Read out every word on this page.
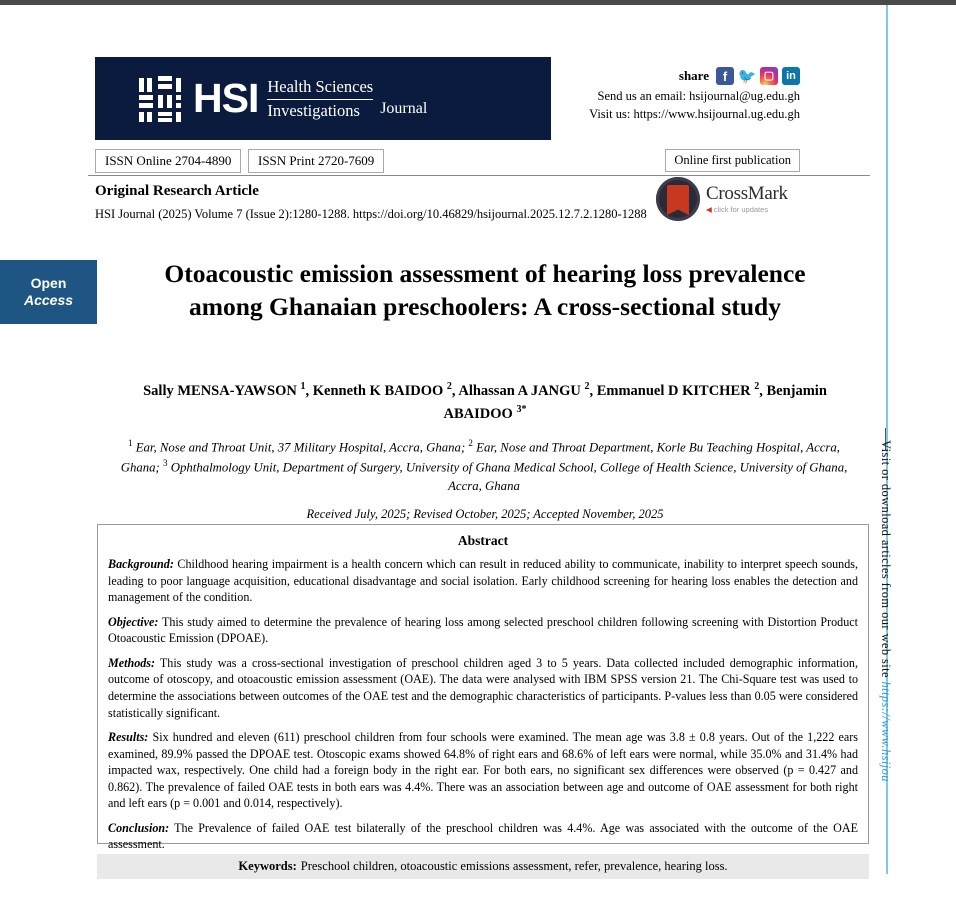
HSI Health Sciences
Investigations	Journal
share	f 🐦 ▢	in
Send us an email: hsijournal@ug.edu.gh
Visit us: https://www.hsijournal.ug.edu.gh
ISSN Online 2704-4890	ISSN Print 2720-7609	Online first publication
CrossMark
◀ click for updates
Original Research Article
HSI Journal (2025) Volume 7 (Issue 2):1280-1288. https://doi.org/10.46829/hsijournal.2025.12.7.2.1280-1288
Open
Access
Otoacoustic emission assessment of hearing loss prevalence among Ghanaian preschoolers: A cross-sectional study
Sally MENSA-YAWSON $^1$, Kenneth K BAIDOO $^2$, Alhassan A JANGU $^2$, Emmanuel D KITCHER $^2$, Benjamin ABAIDOO $^{3*}$
$^1$ Ear, Nose and Throat Unit, 37 Military Hospital, Accra, Ghana; $^2$ Ear, Nose and Throat Department, Korle Bu Teaching Hospital, Accra, Ghana; $^3$ Ophthalmology Unit, Department of Surgery, University of Ghana Medical School, College of Health Science, University of Ghana, Accra, Ghana
Received July, 2025; Revised October, 2025; Accepted November, 2025
Abstract

Background: Childhood hearing impairment is a health concern which can result in reduced ability to communicate, inability to interpret speech sounds, leading to poor language acquisition, educational disadvantage and social isolation. Early childhood screening for hearing loss enables the detection and management of the condition.

Objective: This study aimed to determine the prevalence of hearing loss among selected preschool children following screening with Distortion Product Otoacoustic Emission (DPOAE).

Methods: This study was a cross-sectional investigation of preschool children aged 3 to 5 years. Data collected included demographic information, outcome of otoscopy, and otoacoustic emission assessment (OAE). The data were analysed with IBM SPSS version 21. The Chi-Square test was used to determine the associations between outcomes of the OAE test and the demographic characteristics of participants. P-values less than 0.05 were considered statistically significant.

Results: Six hundred and eleven (611) preschool children from four schools were examined. The mean age was 3.8 ± 0.8 years. Out of the 1,222 ears examined, 89.9% passed the DPOAE test. Otoscopic exams showed 64.8% of right ears and 68.6% of left ears were normal, while 35.0% and 31.4% had impacted wax, respectively. One child had a foreign body in the right ear. For both ears, no significant sex differences were observed (p = 0.427 and 0.862). The prevalence of failed OAE tests in both ears was 4.4%. There was an association between age and outcome of OAE assessment for both right and left ears (p = 0.001 and 0.014, respectively).

Conclusion: The Prevalence of failed OAE test bilaterally of the preschool children was 4.4%. Age was associated with the outcome of the OAE assessment.

Keywords: Preschool children, otoacoustic emissions assessment, refer, prevalence, hearing loss.
Visit or download articles from our web site https://www.hsijou
